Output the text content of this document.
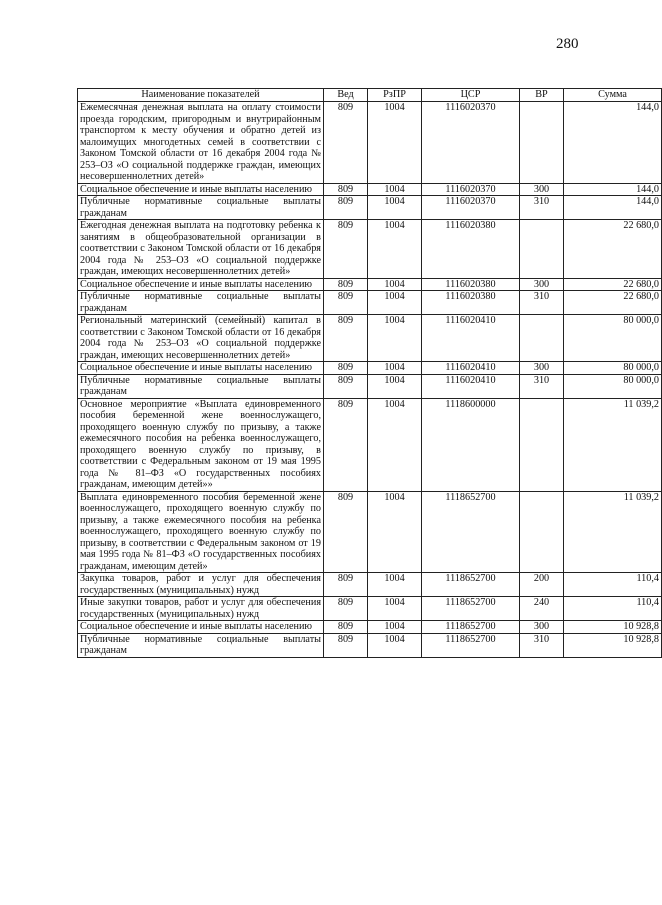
280
Наименование показателей	Вед	РзПР	ЦСР	ВР	Сумма
Ежемесячная денежная выплата на оплату стоимости проезда городским, пригородным и внутрирайонным транспортом к месту обучения и обратно детей из малоимущих многодетных семей в соответствии с Законом Томской области от 16 декабря 2004 года № 253–ОЗ «О социальной поддержке граждан, имеющих несовершеннолетних детей»	809	1004	1116020370		144,0
Социальное обеспечение и иные выплаты населению	809	1004	1116020370	300	144,0
Публичные нормативные социальные выплаты гражданам	809	1004	1116020370	310	144,0
Ежегодная денежная выплата на подготовку ребенка к занятиям в общеобразовательной организации в соответствии с Законом Томской области от 16 декабря 2004 года № 253–ОЗ «О социальной поддержке граждан, имеющих несовершеннолетних детей»	809	1004	1116020380		22 680,0
Социальное обеспечение и иные выплаты населению	809	1004	1116020380	300	22 680,0
Публичные нормативные социальные выплаты гражданам	809	1004	1116020380	310	22 680,0
Региональный материнский (семейный) капитал в соответствии с Законом Томской области от 16 декабря 2004 года № 253–ОЗ «О социальной поддержке граждан, имеющих несовершеннолетних детей»	809	1004	1116020410		80 000,0
Социальное обеспечение и иные выплаты населению	809	1004	1116020410	300	80 000,0
Публичные нормативные социальные выплаты гражданам	809	1004	1116020410	310	80 000,0
Основное мероприятие «Выплата единовременного пособия беременной жене военнослужащего, проходящего военную службу по призыву, а также ежемесячного пособия на ребенка военнослужащего, проходящего военную службу по призыву, в соответствии с Федеральным законом от 19 мая 1995 года № 81–ФЗ «О государственных пособиях гражданам, имеющим детей»»	809	1004	1118600000		11 039,2
Выплата единовременного пособия беременной жене военнослужащего, проходящего военную службу по призыву, а также ежемесячного пособия на ребенка военнослужащего, проходящего военную службу по призыву, в соответствии с Федеральным законом от 19 мая 1995 года № 81–ФЗ «О государственных пособиях гражданам, имеющим детей»	809	1004	1118652700		11 039,2
Закупка товаров, работ и услуг для обеспечения государственных (муниципальных) нужд	809	1004	1118652700	200	110,4
Иные закупки товаров, работ и услуг для обеспечения государственных (муниципальных) нужд	809	1004	1118652700	240	110,4
Социальное обеспечение и иные выплаты населению	809	1004	1118652700	300	10 928,8
Публичные нормативные социальные выплаты гражданам	809	1004	1118652700	310	10 928,8
